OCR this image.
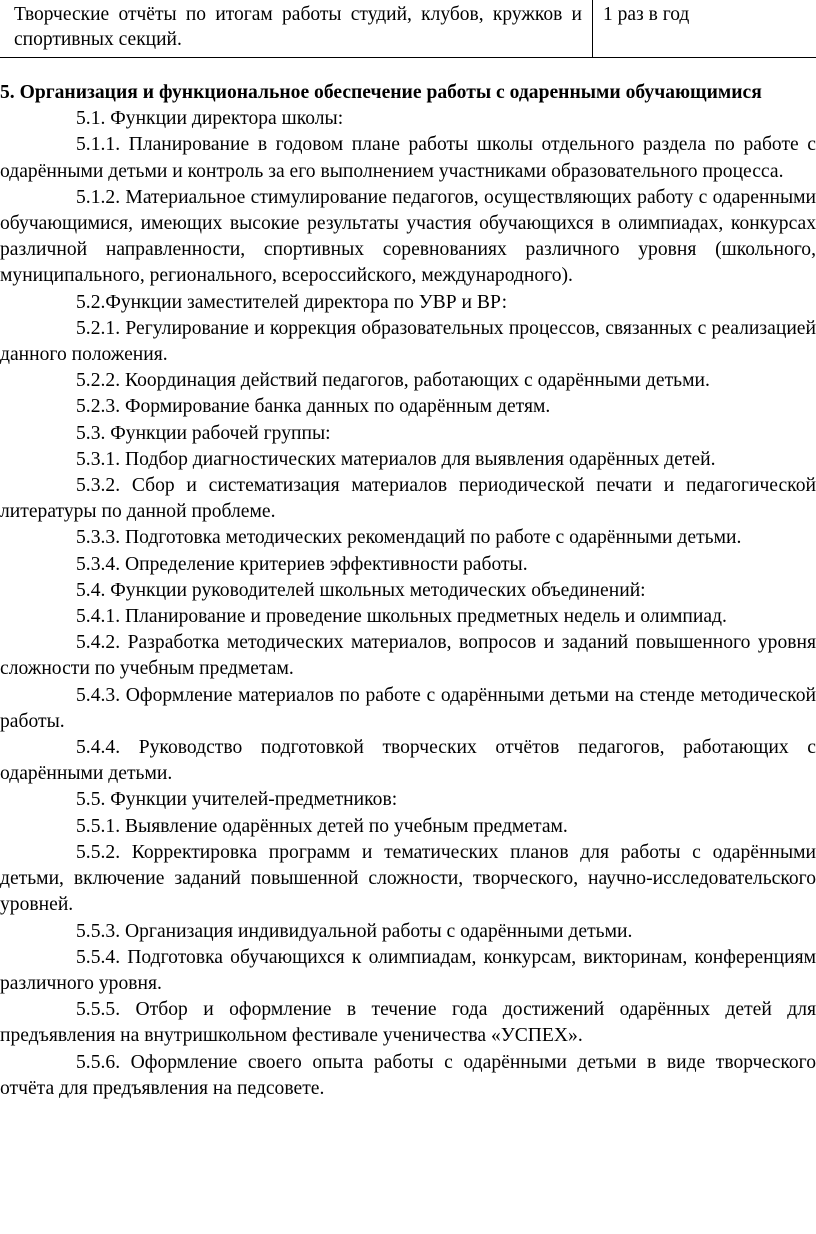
Творческие отчёты по итогам работы студий, клубов, кружков и спортивных секций.	1 раз в год

5. Организация и функциональное обеспечение работы с одаренными обучающимися

5.1. Функции директора школы:

5.1.1. Планирование в годовом плане работы школы отдельного раздела по работе с одарёнными детьми и контроль за его выполнением участниками образовательного процесса.

5.1.2. Материальное стимулирование педагогов, осуществляющих работу с одаренными обучающимися, имеющих высокие результаты участия обучающихся в олимпиадах, конкурсах различной направленности, спортивных соревнованиях различного уровня (школьного, муниципального, регионального, всероссийского, международного).

5.2.Функции заместителей директора по УВР и ВР:

5.2.1. Регулирование и коррекция образовательных процессов, связанных с реализацией данного положения.

5.2.2. Координация действий педагогов, работающих с одарёнными детьми.

5.2.3. Формирование банка данных по одарённым детям.

5.3. Функции рабочей группы:

5.3.1. Подбор диагностических материалов для выявления одарённых детей.

5.3.2. Сбор и систематизация материалов периодической печати и педагогической литературы по данной проблеме.

5.3.3. Подготовка методических рекомендаций по работе с одарёнными детьми.

5.3.4. Определение критериев эффективности работы.

5.4. Функции руководителей школьных методических объединений:

5.4.1. Планирование и проведение школьных предметных недель и олимпиад.

5.4.2. Разработка методических материалов, вопросов и заданий повышенного уровня сложности по учебным предметам.

5.4.3. Оформление материалов по работе с одарёнными детьми на стенде методической работы.

5.4.4. Руководство подготовкой творческих отчётов педагогов, работающих с одарёнными детьми.

5.5. Функции учителей-предметников:

5.5.1. Выявление одарённых детей по учебным предметам.

5.5.2. Корректировка программ и тематических планов для работы с одарёнными детьми, включение заданий повышенной сложности, творческого, научно-исследовательского уровней.

5.5.3. Организация индивидуальной работы с одарёнными детьми.

5.5.4. Подготовка обучающихся к олимпиадам, конкурсам, викторинам, конференциям различного уровня.

5.5.5. Отбор и оформление в течение года достижений одарённых детей для предъявления на внутришкольном фестивале ученичества «УСПЕХ».

5.5.6. Оформление своего опыта работы с одарёнными детьми в виде творческого отчёта для предъявления на педсовете.
